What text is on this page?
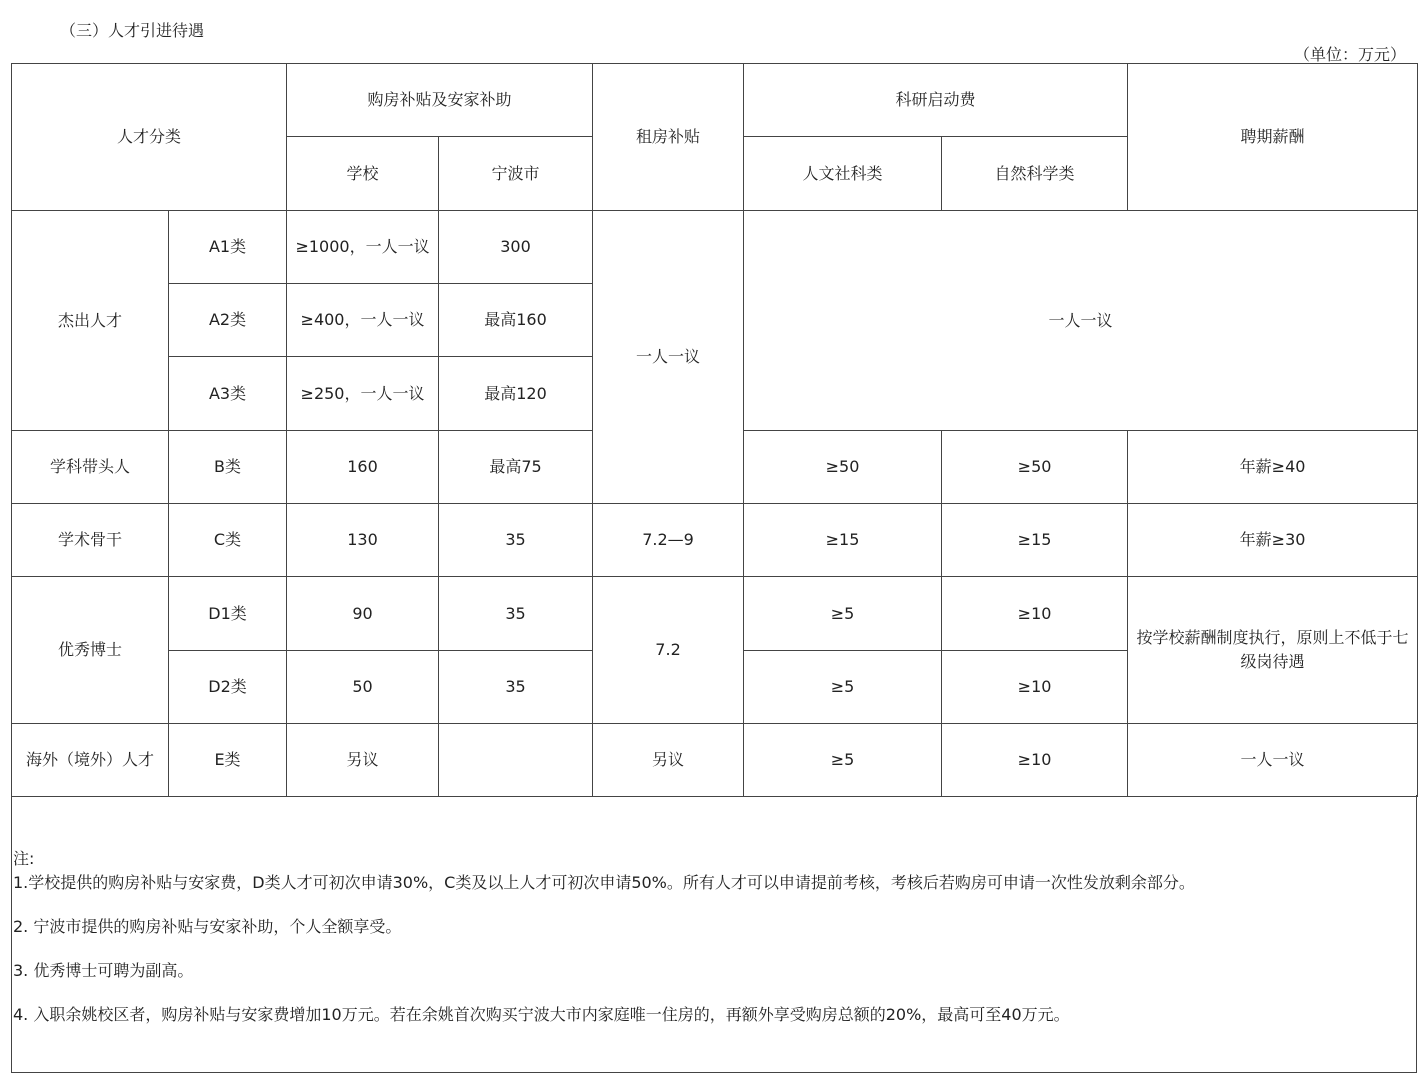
（三）人才引进待遇
（单位：万元）
人才分类		购房补贴及安家补助		租房补贴	科研启动费		聘期薪酬
		学校	宁波市		人文社科类	自然科学类	
杰出人才	A1类	≥1000，一人一议	300	一人一议	一人一议		
	A2类	≥400，一人一议	最高160				
	A3类	≥250，一人一议	最高120				
学科带头人	B类	160	最高75		≥50	≥50	年薪≥40
学术骨干	C类	130	35	7.2—9	≥15	≥15	年薪≥30
优秀博士	D1类	90	35	7.2	≥5	≥10	按学校薪酬制度执行，原则上不低于七级岗待遇
	D2类	50	35		≥5	≥10	
海外（境外）人才	E类	另议		另议	≥5	≥10	一人一议

注:

1.学校提供的购房补贴与安家费，D类人才可初次申请30%，C类及以上人才可初次申请50%。所有人才可以申请提前考核，考核后若购房可申请一次性发放剩余部分。

2. 宁波市提供的购房补贴与安家补助，个人全额享受。

3. 优秀博士可聘为副高。

4. 入职余姚校区者，购房补贴与安家费增加10万元。若在余姚首次购买宁波大市内家庭唯一住房的，再额外享受购房总额的20%，最高可至40万元。
